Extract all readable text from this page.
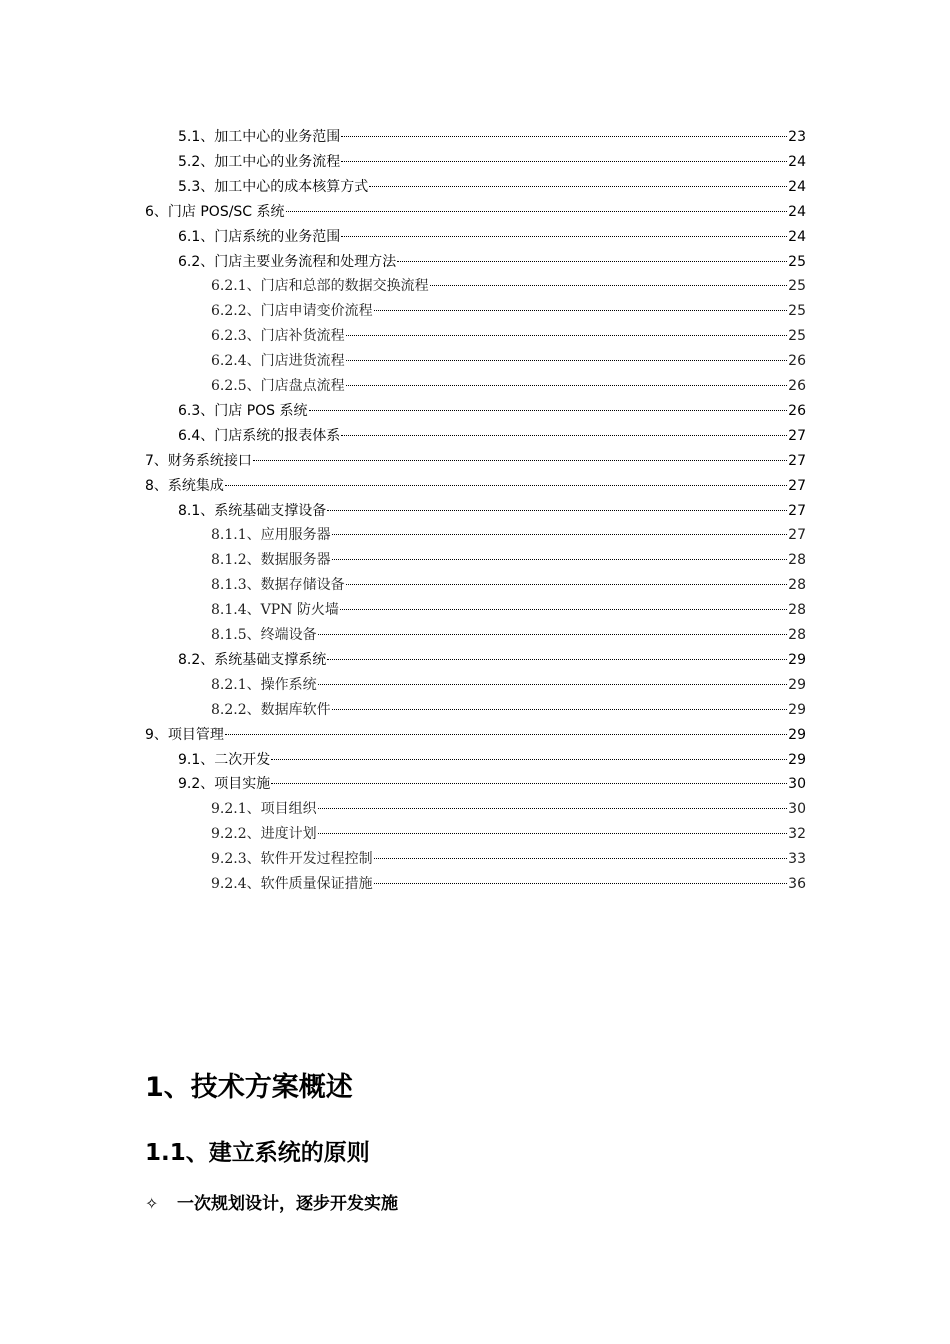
5.1、加工中心的业务范围	23
5.2、加工中心的业务流程	24
5.3、加工中心的成本核算方式	24
6、门店 POS/SC 系统	24
6.1、门店系统的业务范围	24
6.2、门店主要业务流程和处理方法	25
6.2.1、门店和总部的数据交换流程	25
6.2.2、门店申请变价流程	25
6.2.3、门店补货流程	25
6.2.4、门店进货流程	26
6.2.5、门店盘点流程	26
6.3、门店 POS 系统	26
6.4、门店系统的报表体系	27
7、财务系统接口	27
8、系统集成	27
8.1、系统基础支撑设备	27
8.1.1、应用服务器	27
8.1.2、数据服务器	28
8.1.3、数据存储设备	28
8.1.4、VPN 防火墙	28
8.1.5、终端设备	28
8.2、系统基础支撑系统	29
8.2.1、操作系统	29
8.2.2、数据库软件	29
9、项目管理	29
9.1、二次开发	29
9.2、项目实施	30
9.2.1、项目组织	30
9.2.2、进度计划	32
9.2.3、软件开发过程控制	33
9.2.4、软件质量保证措施	36
1、技术方案概述
1.1、建立系统的原则
✧	一次规划设计，逐步开发实施
